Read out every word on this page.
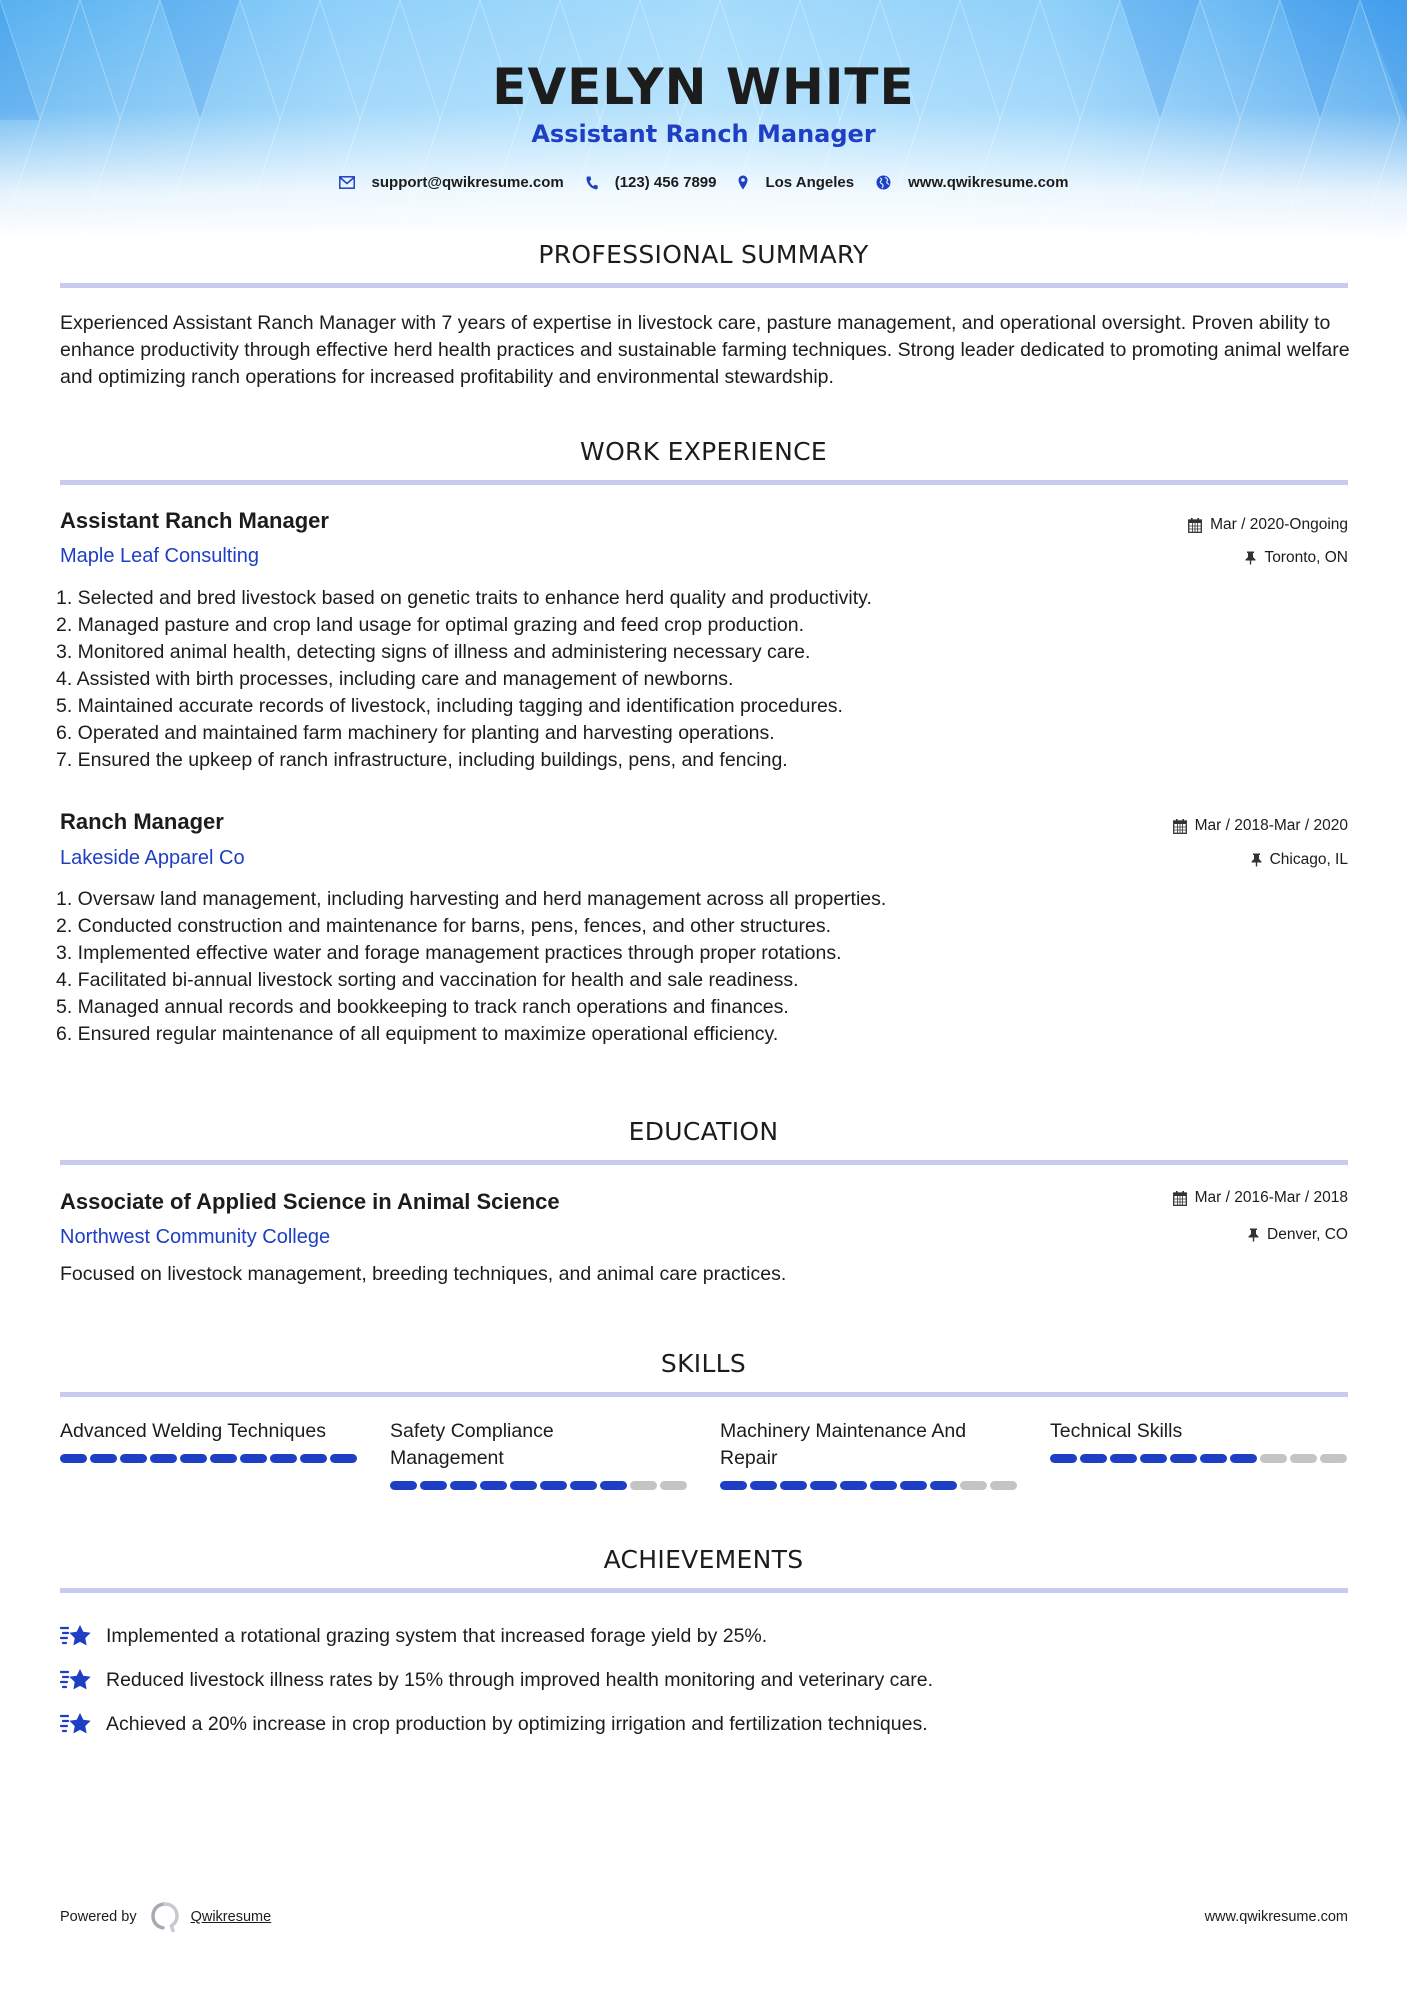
EVELYN WHITE
Assistant Ranch Manager
support@qwikresume.com	(123) 456 7899	Los Angeles	www.qwikresume.com
PROFESSIONAL SUMMARY

Experienced Assistant Ranch Manager with 7 years of expertise in livestock care, pasture management, and operational oversight. Proven ability to enhance productivity through effective herd health practices and sustainable farming techniques. Strong leader dedicated to promoting animal welfare and optimizing ranch operations for increased profitability and environmental stewardship.

WORK EXPERIENCE
Assistant Ranch Manager
Maple Leaf Consulting
Mar / 2020-Ongoing
Toronto, ON
1. Selected and bred livestock based on genetic traits to enhance herd quality and productivity.
2. Managed pasture and crop land usage for optimal grazing and feed crop production.
3. Monitored animal health, detecting signs of illness and administering necessary care.
4. Assisted with birth processes, including care and management of newborns.
5. Maintained accurate records of livestock, including tagging and identification procedures.
6. Operated and maintained farm machinery for planting and harvesting operations.
7. Ensured the upkeep of ranch infrastructure, including buildings, pens, and fencing.
Ranch Manager
Lakeside Apparel Co
Mar / 2018-Mar / 2020
Chicago, IL
1. Oversaw land management, including harvesting and herd management across all properties.
2. Conducted construction and maintenance for barns, pens, fences, and other structures.
3. Implemented effective water and forage management practices through proper rotations.
4. Facilitated bi-annual livestock sorting and vaccination for health and sale readiness.
5. Managed annual records and bookkeeping to track ranch operations and finances.
6. Ensured regular maintenance of all equipment to maximize operational efficiency.
EDUCATION
Associate of Applied Science in Animal Science
Northwest Community College
Mar / 2016-Mar / 2018
Denver, CO

Focused on livestock management, breeding techniques, and animal care practices.

SKILLS
Advanced Welding Techniques	Safety Compliance Management
Machinery Maintenance And Repair
Technical Skills
ACHIEVEMENTS
Implemented a rotational grazing system that increased forage yield by 25%.
Reduced livestock illness rates by 15% through improved health monitoring and veterinary care.
Achieved a 20% increase in crop production by optimizing irrigation and fertilization techniques.
Powered by	Qwikresume	www.qwikresume.com
